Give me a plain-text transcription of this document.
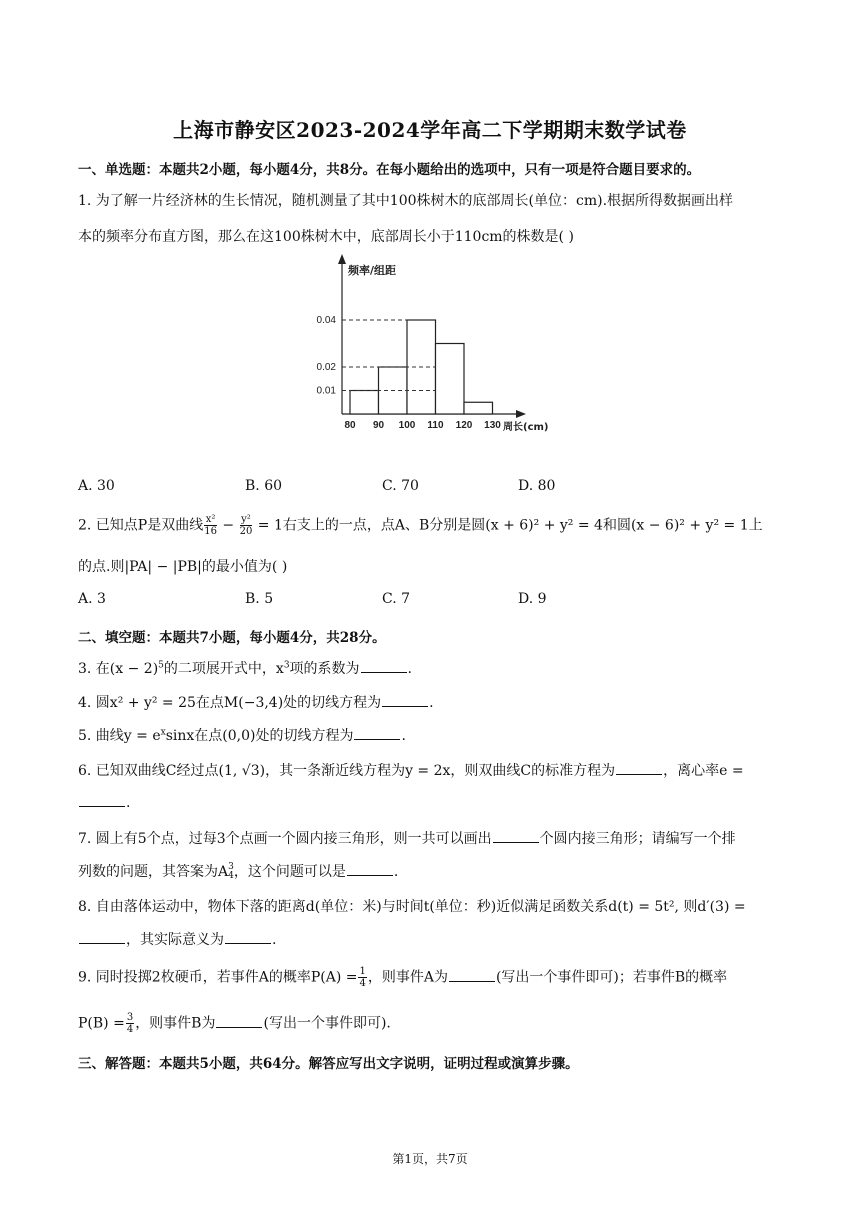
上海市静安区2023-2024学年高二下学期期末数学试卷
一、单选题：本题共2小题，每小题4分，共8分。在每小题给出的选项中，只有一项是符合题目要求的。
1. 为了解一片经济林的生长情况，随机测量了其中100株树木的底部周长(单位：cm).根据所得数据画出样
本的频率分布直方图，那么在这100株树木中，底部周长小于110cm的株数是( )
0.01
0.02
0.04
80 90 100 110 120 130
频率/组距
周长(cm)
A. 30	B. 60	C. 70	D. 80
2. 已知点P是双曲线 $\frac{\text{x²}}{16} - \frac{\text{y²}}{20} = 1$右支上的一点，点A、B分别是圆(x + 6)² + y² = 4和圆(x − 6)² + y² = 1上
的点.则|PA| − |PB|的最小值为( )
A. 3	B. 5	C. 7	D. 9
二、填空题：本题共7小题，每小题4分，共28分。
3. 在$(x - 2)^5$的二项展开式中，$x^3$项的系数为	.
4. 圆x² + y² = 25在点M(−3,4)处的切线方程为	.
5. 曲线$y = e^x\sin x$在点(0,0)处的切线方程为	.
6. 已知双曲线C经过点(1, √3)，其一条渐近线方程为y = 2x，则双曲线C的标准方程为	，离心率e =
.
7. 圆上有5个点，过每3个点画一个圆内接三角形，则一共可以画出	个圆内接三角形；请编写一个排
列数的问题，其答案为A 3
4 ，这个问题可以是	.
8. 自由落体运动中，物体下落的距离d(单位：米)与时间t(单位：秒)近似满足函数关系d(t) = 5t², 则d′(3) =
，其实际意义为	.
9. 同时投掷2枚硬币，若事件A的概率$P(A) = \frac{1}{4}$ ，则事件A为	(写出一个事件即可)；若事件B的概率
$P(B) = \frac{3}{4}$ ，则事件B为	(写出一个事件即可).
三、解答题：本题共5小题，共64分。解答应写出文字说明，证明过程或演算步骤。
第1页，共7页
